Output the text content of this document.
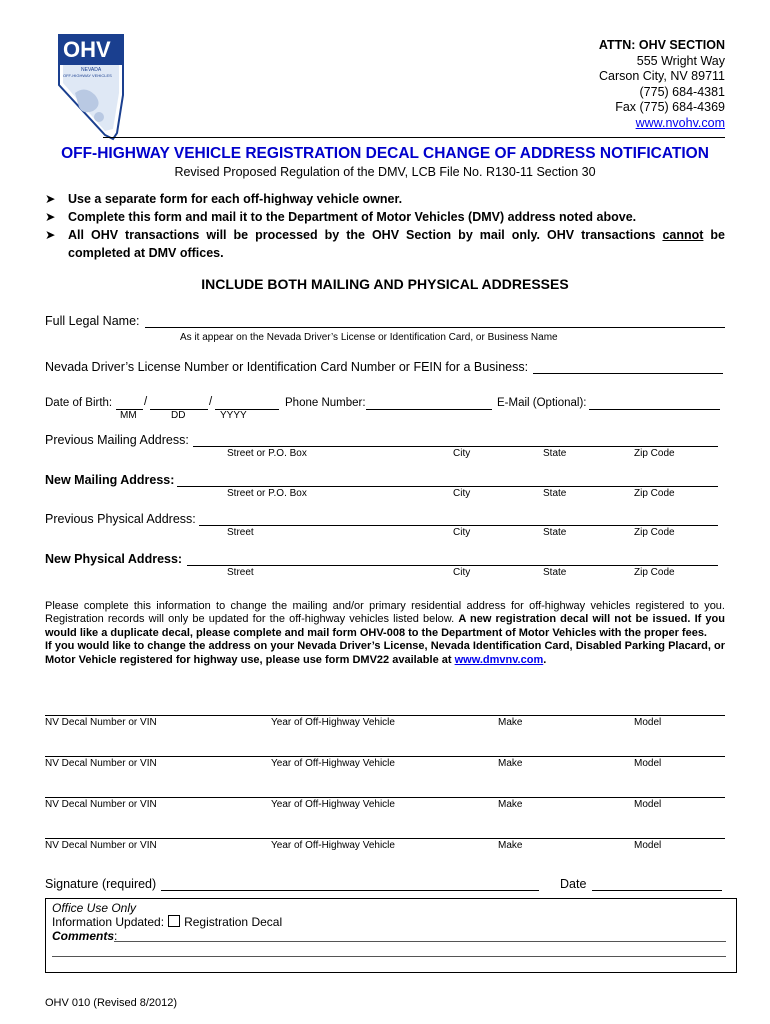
OHV
NEVADA
OFF-HIGHWAY VEHICLES
ATTN: OHV SECTION
555 Wright Way
Carson City, NV 89711
(775) 684-4381
Fax (775) 684-4369
www.nvohv.com
OFF-HIGHWAY VEHICLE REGISTRATION DECAL CHANGE OF ADDRESS NOTIFICATION
Revised Proposed Regulation of the DMV, LCB File No. R130-11 Section 30
➤ Use a separate form for each off-highway vehicle owner.
➤ Complete this form and mail it to the Department of Motor Vehicles (DMV) address noted above.
➤ All OHV transactions will be processed by the OHV Section by mail only. OHV transactions cannot be completed at DMV offices.
INCLUDE BOTH MAILING AND PHYSICAL ADDRESSES
Full Legal Name:
As it appear on the Nevada Driver’s License or Identification Card, or Business Name
Nevada Driver’s License Number or Identification Card Number or FEIN for a Business:
Date of Birth:	/	/
MM	DD	YYYY
Phone Number:	E-Mail (Optional):
Previous Mailing Address:
Street or P.O. Box	City	State	Zip Code
New Mailing Address:
Street or P.O. Box	City	State	Zip Code
Previous Physical Address:
Street	City	State	Zip Code
New Physical Address:
Street	City	State	Zip Code
Please complete this information to change the mailing and/or primary residential address for off-highway vehicles registered to you. Registration records will only be updated for the off-highway vehicles listed below. A new registration decal will not be issued. If you would like a duplicate decal, please complete and mail form OHV-008 to the Department of Motor Vehicles with the proper fees.
If you would like to change the address on your Nevada Driver’s License, Nevada Identification Card, Disabled Parking Placard, or Motor Vehicle registered for highway use, please use form DMV22 available at www.dmvnv.com.
NV Decal Number or VIN	Year of Off-Highway Vehicle	Make	Model
NV Decal Number or VIN	Year of Off-Highway Vehicle	Make	Model
NV Decal Number or VIN	Year of Off-Highway Vehicle	Make	Model
NV Decal Number or VIN	Year of Off-Highway Vehicle	Make	Model
Signature (required)	Date
Office Use Only
Information Updated: Registration Decal
Comments:
OHV 010 (Revised 8/2012)
